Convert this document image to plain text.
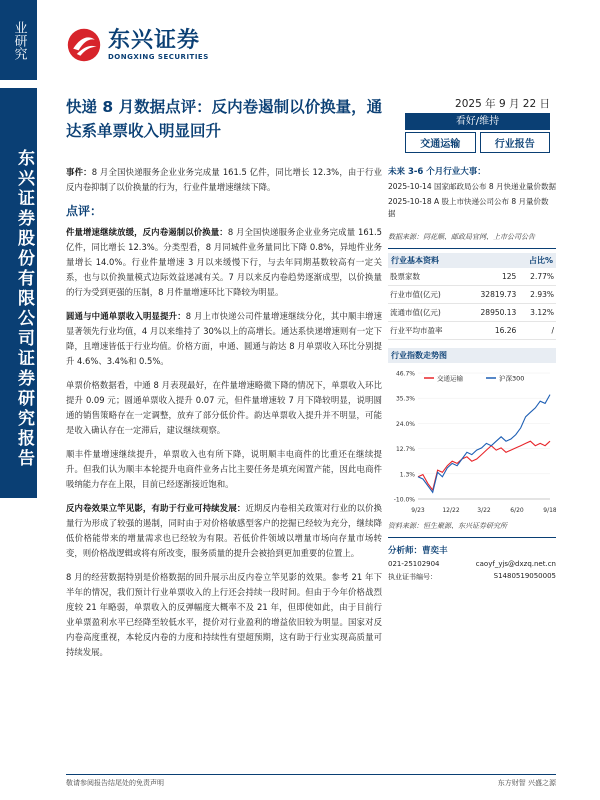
业研究
东兴证券股份有限公司证券研究报告
东兴证券
DONGXING SECURITIES
快递 8 月数据点评：反内卷遏制以价换量，通达系单票收入明显回升
2025 年 9 月 22 日
看好/维持
交通运输	行业报告

事件：8 月全国快递服务企业业务完成量 161.5 亿件，同比增长 12.3%，由于行业反内卷抑制了以价换量的行为，行业件量增速继续下降。

点评：

件量增速继续放缓，反内卷遏制以价换量：8 月全国快递服务企业业务完成量 161.5 亿件，同比增长 12.3%。分类型看，8 月同城件业务量同比下降 0.8%，异地件业务量增长 14.0%。行业件量增速 3 月以来缓慢下行，与去年同期基数较高有一定关系，也与以价换量模式边际效益递减有关。7 月以来反内卷趋势逐渐成型，以价换量的行为受到更强的压制，8 月件量增速环比下降较为明显。

圆通与中通单票收入明显提升：8 月上市快递公司件量增速继续分化，其中顺丰增速显著领先行业均值，4 月以来维持了 30%以上的高增长。通达系快递增速则有一定下降，且增速皆低于行业均值。价格方面，申通、圆通与韵达 8 月单票收入环比分别提升 4.6%、3.4%和 0.5%。

单票价格数据看，中通 8 月表现最好，在件量增速略微下降的情况下，单票收入环比提升 0.09 元；圆通单票收入提升 0.07 元，但件量增速较 7 月下降较明显，说明圆通的销售策略存在一定调整，放弃了部分低价件。韵达单票收入提升并不明显，可能是收入确认存在一定滞后，建议继续观察。

顺丰件量增速继续提升，单票收入也有所下降，说明顺丰电商件的比重还在继续提升。但我们认为顺丰本轮提升电商件业务占比主要任务是填充闲置产能，因此电商件吸纳能力存在上限，目前已经逐渐接近饱和。

反内卷效果立竿见影，有助于行业可持续发展：近期反内卷相关政策对行业的以价换量行为形成了较强的遏制，同时由于对价格敏感型客户的挖掘已经较为充分，继续降低价格能带来的增量需求也已经较为有限。若低价件领域以增量市场向存量市场转变，则价格战逻辑或将有所改变，服务质量的提升会被拾到更加重要的位置上。

8 月的经营数据特别是价格数据的回升展示出反内卷立竿见影的效果。参考 21 年下半年的情况，我们预计行业单票收入的上行还会持续一段时间。但由于今年价格战烈度较 21 年略弱，单票收入的反弹幅度大概率不及 21 年，但即使如此，由于目前行业单票盈利水平已经降至较低水平，提价对行业盈利的增益依旧较为明显。国家对反内卷高度重视，本轮反内卷的力度和持续性有望超预期，这有助于行业实现高质量可持续发展。

未来 3-6 个月行业大事：

2025-10-14 国家邮政局公布 8 月快递业量价数据

2025-10-18 A 股上市快递公司公布 8 月量价数据

数据来源：同花顺、邮政局官网、上市公司公告
行业基本资料	占比%
股票家数	125	2.77%
行业市值(亿元)	32819.73	2.93%
流通市值(亿元)	28950.13	3.12%
行业平均市盈率	16.26	/
行业指数走势图
46.7%
35.3%
24.0%
12.7%
1.3%
-10.0%
9/23	12/22	3/22	6/20	9/18
交通运输	沪深300
资料来源：恒生聚源、东兴证券研究所
分析师：曹奕丰
021-25102904	caoyf_yjs@dxzq.net.cn
执业证书编号：	S1480519050005
敬请参阅报告结尾处的免责声明	东方财智 兴盛之源
